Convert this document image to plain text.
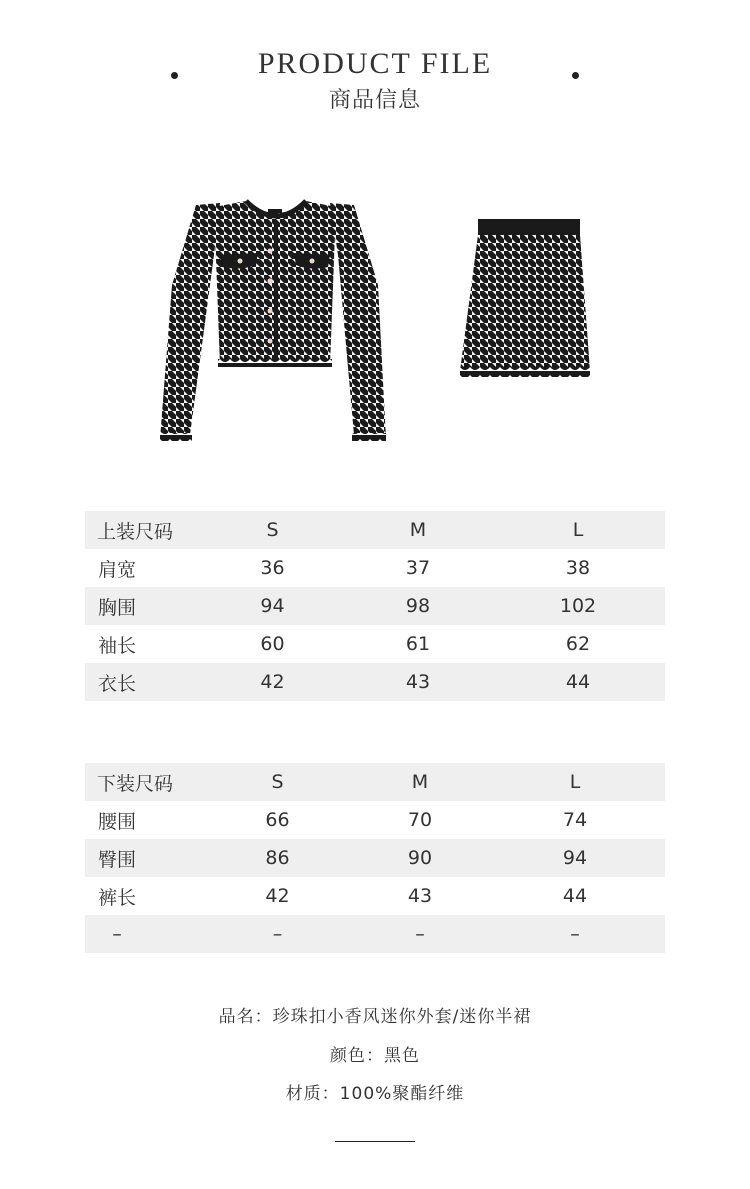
PRODUCT FILE
商品信息
上装尺码	S	M	L
肩宽	36	37	38
胸围	94	98	102
袖长	60	61	62
衣长	42	43	44
下装尺码	S	M	L
腰围	66	70	74
臀围	86	90	94
裤长	42	43	44
–	–	–	–
品名：珍珠扣小香风迷你外套/迷你半裙
颜色：黑色
材质：100%聚酯纤维
